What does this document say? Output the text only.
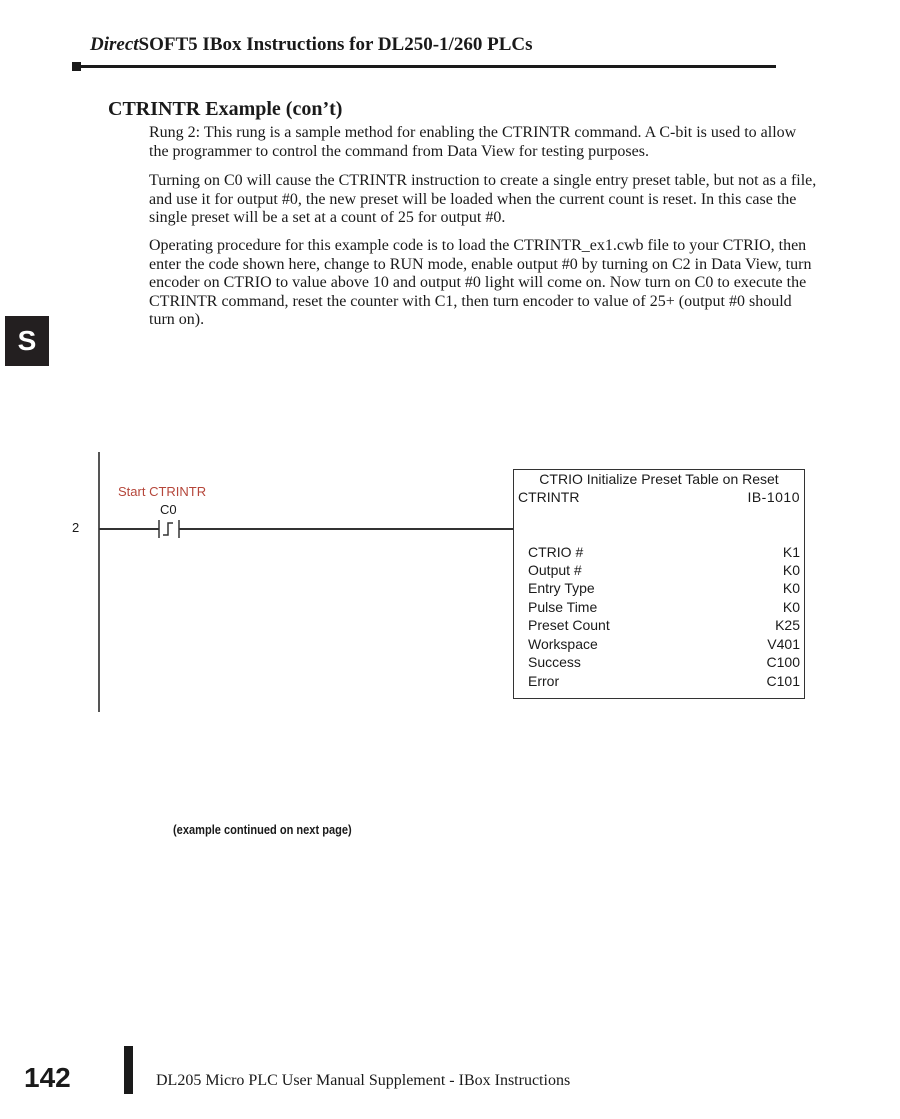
DirectSOFT5 IBox Instructions for DL250-1/260 PLCs
CTRINTR Example (con’t)
Rung 2: This rung is a sample method for enabling the CTRINTR command. A C-bit is used to allow the programmer to control the command from Data View for testing purposes.
Turning on C0 will cause the CTRINTR instruction to create a single entry preset table, but not as a file, and use it for output #0, the new preset will be loaded when the current count is reset. In this case the single preset will be a set at a count of 25 for output #0.
Operating procedure for this example code is to load the CTRINTR_ex1.cwb file to your CTRIO, then enter the code shown here, change to RUN mode, enable output #0 by turning on C2 in Data View, turn encoder on CTRIO to value above 10 and output #0 light will come on. Now turn on C0 to execute the CTRINTR command, reset the counter with C1, then turn encoder to value of 25+ (output #0 should turn on).
S
2
Start CTRINTR
C0
CTRIO Initialize Preset Table on Reset
CTRINTR	IB-1010
CTRIO #	K1
Output #	K0
Entry Type	K0
Pulse Time	K0
Preset Count	K25
Workspace	V401
Success	C100
Error	C101
(example continued on next page)
142	DL205 Micro PLC User Manual Supplement - IBox Instructions
